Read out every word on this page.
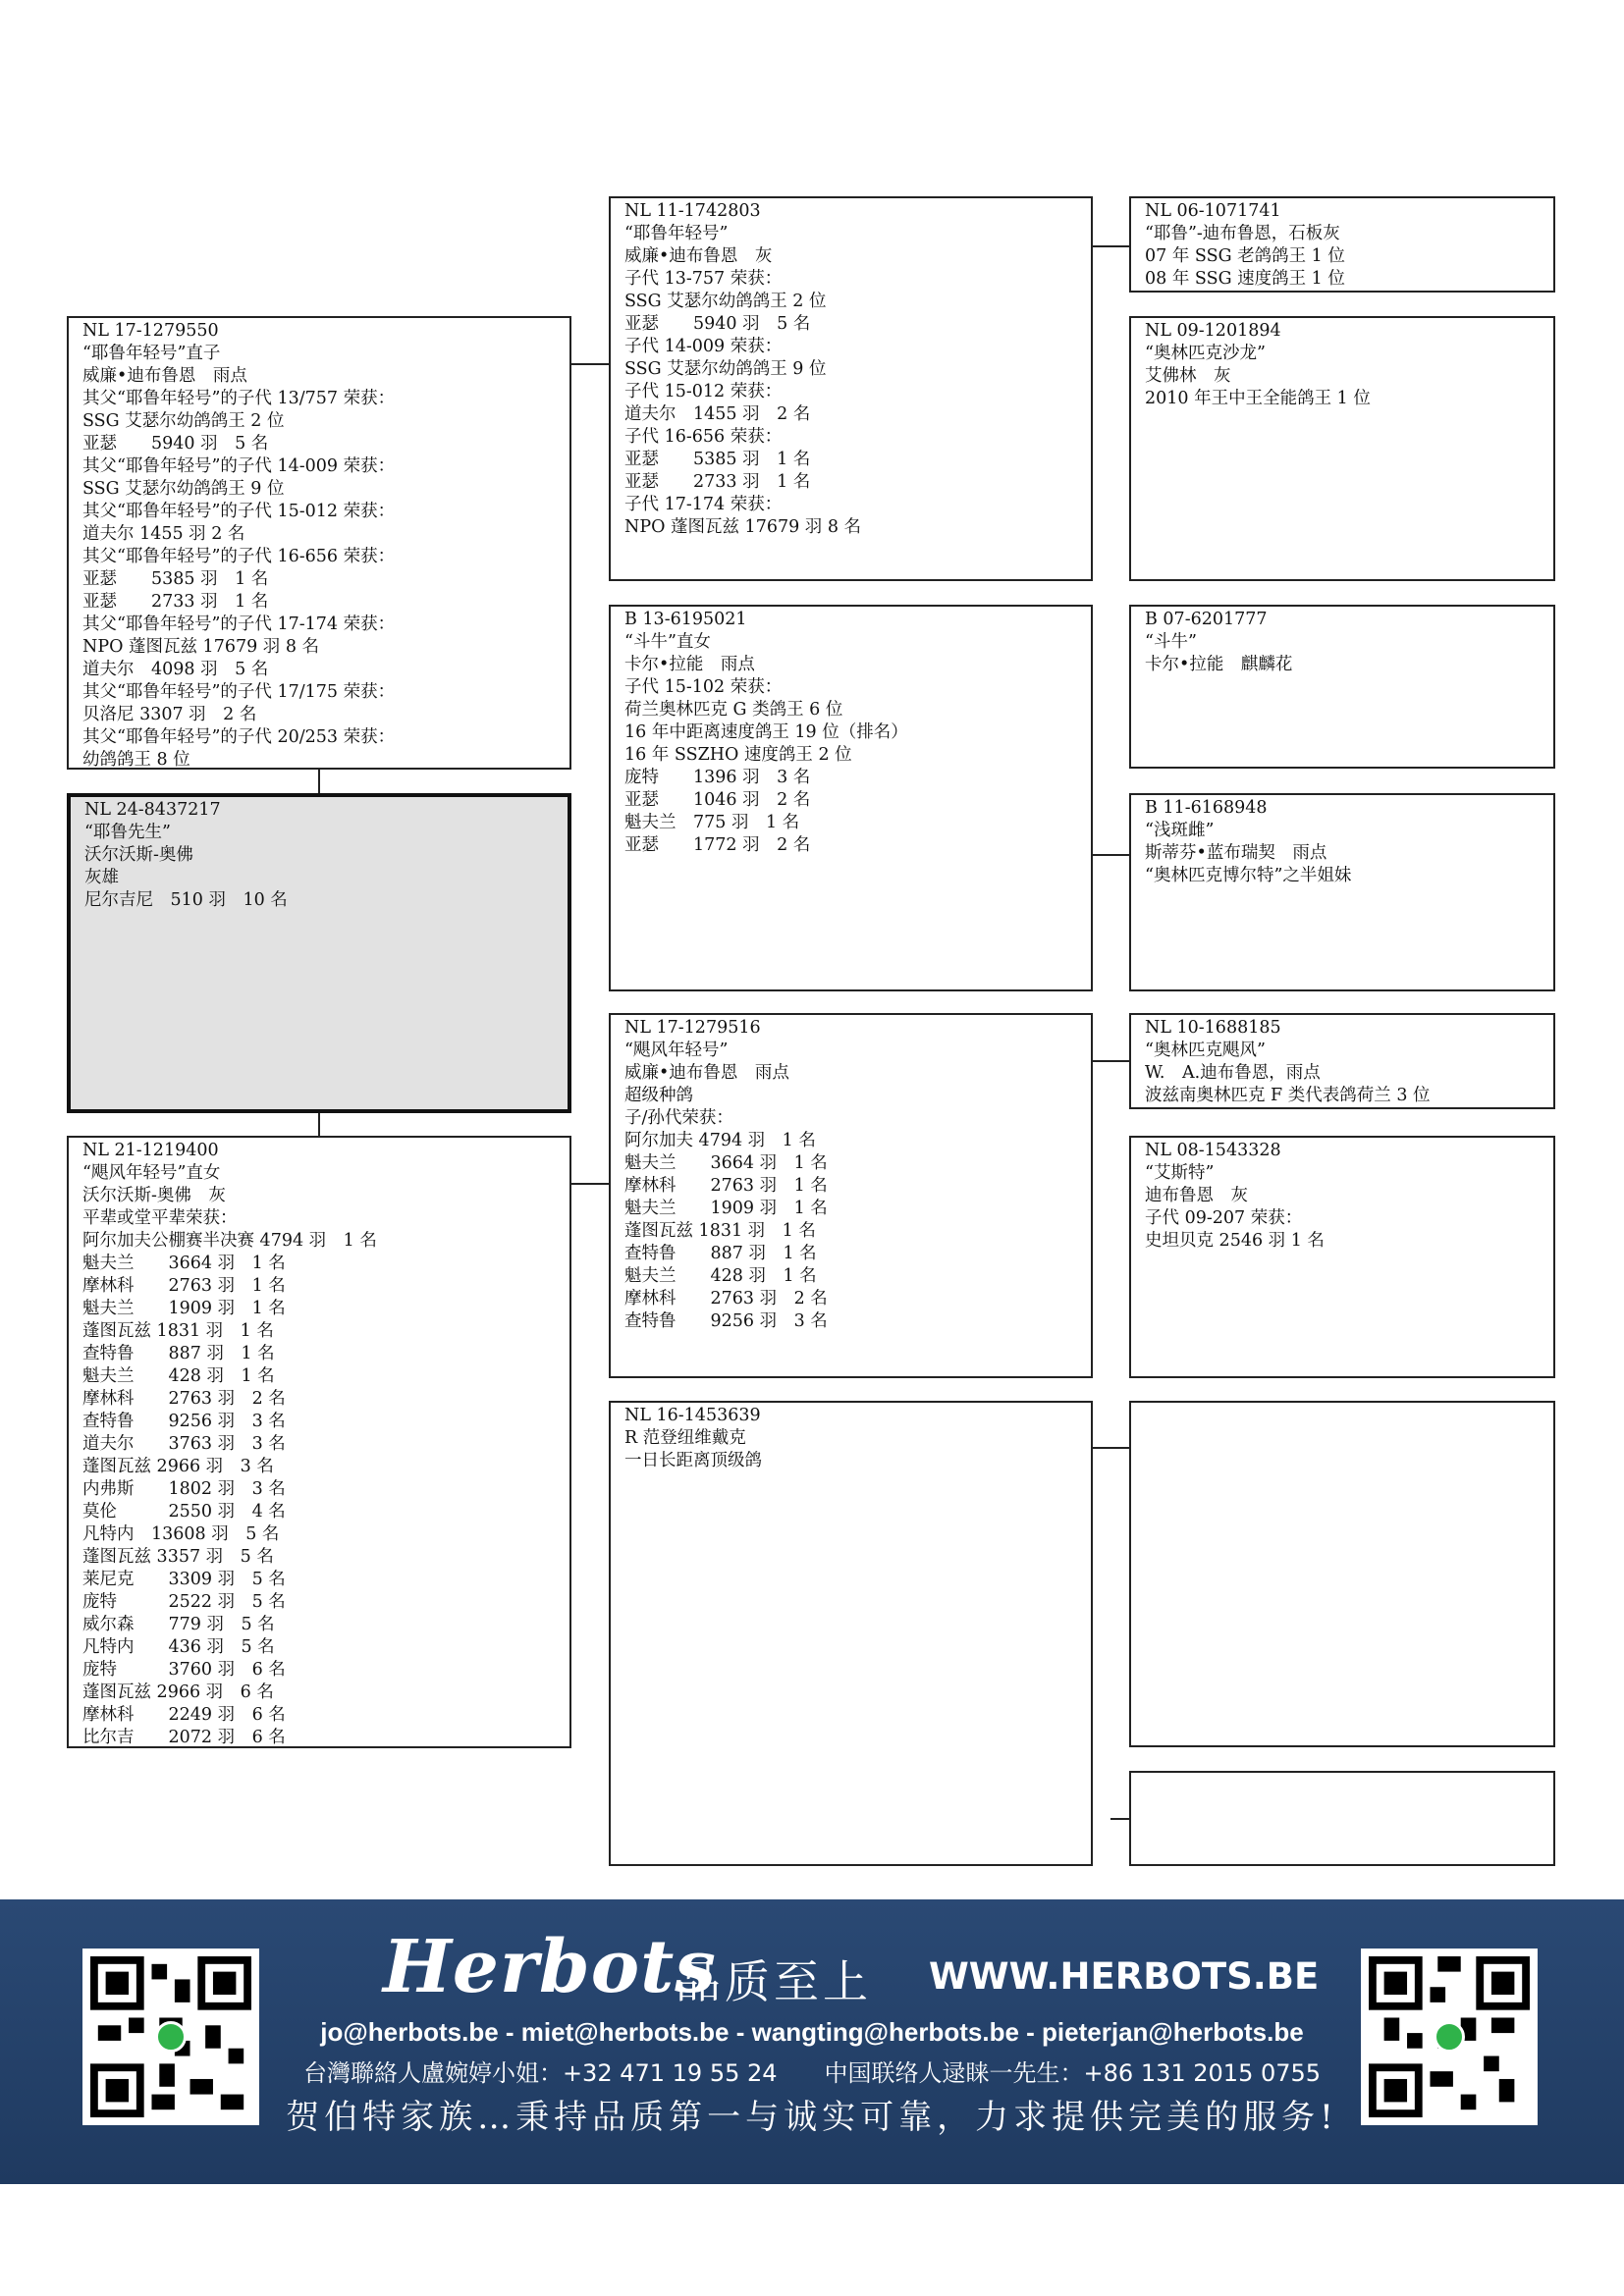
NL 17-1279550
“耶鲁年轻号”直子
威廉•迪布鲁恩　雨点
其父“耶鲁年轻号”的子代 13/757 荣获：
SSG 艾瑟尔幼鸽鸽王 2 位
亚瑟　　5940 羽　5 名
其父“耶鲁年轻号”的子代 14-009 荣获：
SSG 艾瑟尔幼鸽鸽王 9 位
其父“耶鲁年轻号”的子代 15-012 荣获：
道夫尔 1455 羽 2 名
其父“耶鲁年轻号”的子代 16-656 荣获：
亚瑟　　5385 羽　1 名
亚瑟　　2733 羽　1 名
其父“耶鲁年轻号”的子代 17-174 荣获：
NPO 蓬图瓦兹 17679 羽 8 名
道夫尔　4098 羽　5 名
其父“耶鲁年轻号”的子代 17/175 荣获：
贝洛尼 3307 羽　2 名
其父“耶鲁年轻号”的子代 20/253 荣获：
幼鸽鸽王 8 位
NL 24-8437217
“耶鲁先生”
沃尔沃斯-奥佛
灰雄
尼尔吉尼　510 羽　10 名
NL 21-1219400
“飓风年轻号”直女
沃尔沃斯-奥佛　灰
平辈或堂平辈荣获：
阿尔加夫公棚赛半决赛 4794 羽　1 名
魁夫兰　　3664 羽　1 名
摩林科　　2763 羽　1 名
魁夫兰　　1909 羽　1 名
蓬图瓦兹 1831 羽　1 名
查特鲁　　887 羽　1 名
魁夫兰　　428 羽　1 名
摩林科　　2763 羽　2 名
查特鲁　　9256 羽　3 名
道夫尔　　3763 羽　3 名
蓬图瓦兹 2966 羽　3 名
内弗斯　　1802 羽　3 名
莫伦　　　2550 羽　4 名
凡特内　13608 羽　5 名
蓬图瓦兹 3357 羽　5 名
莱尼克　　3309 羽　5 名
庞特　　　2522 羽　5 名
威尔森　　779 羽　5 名
凡特内　　436 羽　5 名
庞特　　　3760 羽　6 名
蓬图瓦兹 2966 羽　6 名
摩林科　　2249 羽　6 名
比尔吉　　2072 羽　6 名
NL 11-1742803
“耶鲁年轻号”
威廉•迪布鲁恩　灰
子代 13-757 荣获：
SSG 艾瑟尔幼鸽鸽王 2 位
亚瑟　　5940 羽　5 名
子代 14-009 荣获：
SSG 艾瑟尔幼鸽鸽王 9 位
子代 15-012 荣获：
道夫尔　1455 羽　2 名
子代 16-656 荣获：
亚瑟　　5385 羽　1 名
亚瑟　　2733 羽　1 名
子代 17-174 荣获：
NPO 蓬图瓦兹 17679 羽 8 名
B 13-6195021
“斗牛”直女
卡尔•拉能　雨点
子代 15-102 荣获：
荷兰奥林匹克 G 类鸽王 6 位
16 年中距离速度鸽王 19 位（排名）
16 年 SSZHO 速度鸽王 2 位
庞特　　1396 羽　3 名
亚瑟　　1046 羽　2 名
魁夫兰　775 羽　1 名
亚瑟　　1772 羽　2 名
NL 17-1279516
“飓风年轻号”
威廉•迪布鲁恩　雨点
超级种鸽
子/孙代荣获：
阿尔加夫 4794 羽　1 名
魁夫兰　　3664 羽　1 名
摩林科　　2763 羽　1 名
魁夫兰　　1909 羽　1 名
蓬图瓦兹 1831 羽　1 名
查特鲁　　887 羽　1 名
魁夫兰　　428 羽　1 名
摩林科　　2763 羽　2 名
查特鲁　　9256 羽　3 名
NL 16-1453639
R 范登纽维戴克
一日长距离顶级鸽
NL 06-1071741
“耶鲁”-迪布鲁恩，石板灰
07 年 SSG 老鸽鸽王 1 位
08 年 SSG 速度鸽王 1 位
NL 09-1201894
“奥林匹克沙龙”
艾佛林　灰
2010 年王中王全能鸽王 1 位
B 07-6201777
“斗牛”
卡尔•拉能　麒麟花
B 11-6168948
“浅斑雌”
斯蒂芬•蓝布瑞契　雨点
“奥林匹克博尔特”之半姐妹
NL 10-1688185
“奥林匹克飓风”
W.　A.迪布鲁恩，雨点
波兹南奥林匹克 F 类代表鸽荷兰 3 位
NL 08-1543328
“艾斯特”
迪布鲁恩　灰
子代 09-207 荣获：
史坦贝克 2546 羽 1 名
Herbots
品质至上 WWW.HERBOTS.BE
jo@herbots.be - miet@herbots.be - wangting@herbots.be - pieterjan@herbots.be
台灣聯絡人盧婉婷小姐：+32 471 19 55 24　　中国联络人逯睐一先生：+86 131 2015 0755
贺伯特家族…秉持品质第一与诚实可靠，力求提供完美的服务!
